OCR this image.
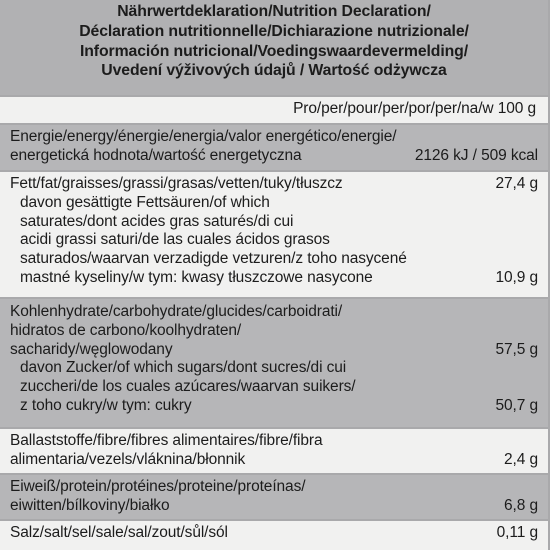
Nährwertdeklaration/Nutrition Declaration/
Déclaration nutritionnelle/Dichiarazione nutrizionale/
Información nutricional/Voedingswaardevermelding/
Uvedení výživových údajů / Wartość odżywcza
Pro/per/pour/per/por/per/na/w 100 g
Energie/energy/énergie/energia/valor energético/energie/
energetická hodnota/wartość energetyczna	2126 kJ / 509 kcal
Fett/fat/graisses/grassi/grasas/vetten/tuky/tłuszcz	27,4 g
davon gesättigte Fettsäuren/of which
saturates/dont acides gras saturés/di cui
acidi grassi saturi/de las cuales ácidos grasos
saturados/waarvan verzadigde vetzuren/z toho nasycené
mastné kyseliny/w tym: kwasy tłuszczowe nasycone	10,9 g
Kohlenhydrate/carbohydrate/glucides/carboidrati/
hidratos de carbono/koolhydraten/
sacharidy/węglowodany	57,5 g
davon Zucker/of which sugars/dont sucres/di cui
zuccheri/de los cuales azúcares/waarvan suikers/
z toho cukry/w tym: cukry	50,7 g
Ballaststoffe/fibre/fibres alimentaires/fibre/fibra
alimentaria/vezels/vláknina/błonnik	2,4 g
Eiweiß/protein/protéines/proteine/proteínas/
eiwitten/bílkoviny/białko	6,8 g
Salz/salt/sel/sale/sal/zout/sůl/sól	0,11 g
